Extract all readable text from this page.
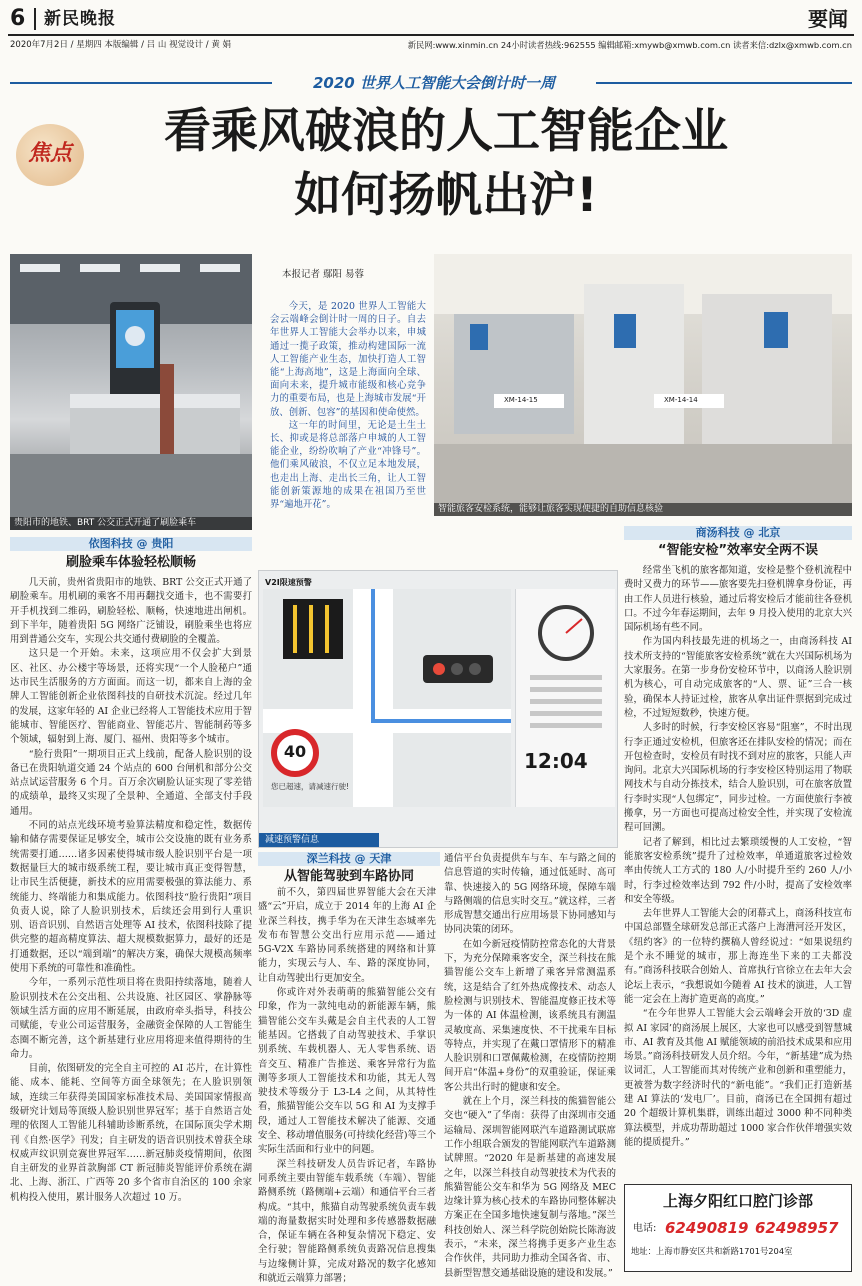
6 新民晚报	要闻
2020年7月2日 / 星期四 本版编辑 / 吕 山 视觉设计 / 黄 娟	新民网:www.xinmin.cn 24小时读者热线:962555 编辑邮箱:xmywb@xmwb.com.cn 读者来信:dzlx@xmwb.com.cn
2020 世界人工智能大会倒计时一周
焦点	看乘风破浪的人工智能企业
如何扬帆出沪!
贵阳市的地铁、BRT 公交正式开通了刷脸乘车
本报记者 鄢阳 易蓉

今天，是 2020 世界人工智能大会云端峰会倒计时一周的日子。自去年世界人工智能大会举办以来，申城通过一揽子政策，推动构建国际一流人工智能产业生态，加快打造人工智能“上海高地”，这是上海面向全球、面向未来，提升城市能级和核心竞争力的重要布局，也是上海城市发展“开放、创新、包容”的基因和使命使然。

这一年的时间里，无论是土生土长、抑或是将总部落户申城的人工智能企业，纷纷吹响了产业“冲锋号”。他们乘风破浪，不仅立足本地发展，也走出上海、走出长三角，让人工智能创新策源地的成果在祖国乃至世界“遍地开花”。

XM-14-15	XM-14-14
智能旅客安检系统，能够让旅客实现便捷的自助信息核验
依图科技 @ 贵阳
刷脸乘车体验轻松顺畅

几天前，贵州省贵阳市的地铁、BRT 公交正式开通了刷脸乘车。用机刷的乘客不用再翻找交通卡，也不需要打开手机找到二维码，刷脸轻松、顺畅，快速地进出闸机。到下半年，随着贵阳 5G 网络广泛铺设，刷脸乘坐也将应用到普通公交车，实现公共交通付费刷脸的全覆盖。

这只是一个开始。未来，这项应用不仅会扩大到景区、社区、办公楼宇等场景，还将实现“一个人脸秘户”通达市民生活服务的方方面面。而这一切，都来自上海的金牌人工智能创新企业依图科技的自研技术沉淀。经过几年的发展，这家年轻的 AI 企业已经将人工智能技术应用于智能城市、智能医疗、智能商业、智能芯片、智能制药等多个领域，辐射到上海、厦门、福州、贵阳等多个城市。

“脸行贵阳”一期项目正式上线前，配备人脸识别的设备已在贵阳轨道交通 24 个站点的 600 台闸机和部分公交站点试运营服务 6 个月。百万余次刷脸认证实现了零差错的成绩单，最终又实现了全景种、全通道、全部支付手段通用。

不同的站点光线环境考验算法精度和稳定性，数据传输和储存需要保证足够安全，城市公交设施的既有业务系统需要打通……诸多因素使得城市级人脸识别平台是一项数据量巨大的城市级系统工程，要让城市真正变得智慧，让市民生活便捷，新技术的应用需要极强的算法能力、系统能力、终端能力和集成能力。依图科技“脸行贵阳”项目负责人说，除了人脸识别技术，后续还会用到行人重识别、语音识别、自然语言处理等 AI 技术，依图科技除了提供完整的超高精度算法、超大规模数据算力，最好的还是打通数据，还以“端到端”的解决方案，确保大规模高频率使用下系统的可靠性和准确性。

今年，一系列示范性项目将在贵阳持续落地，随着人脸识别技术在公交出租、公共设施、社区园区、掌静脉等领域生活方面的应用不断延展，由政府牵头指导，科技公司赋能，专业公司运营服务，金融资金保障的人工智能生态圈不断完善，这个新基建行业应用将迎来值得期待的生命力。

目前，依图研发的完全自主可控的 AI 芯片，在计算性能、成本、能耗、空间等方面全球领先；在人脸识别领域，连续三年获得美国国家标准技术局、美国国家情报高级研究计划局等顶级人脸识别世界冠军；基于自然语言处理的依图人工智能儿科辅助诊断系统，在国际顶尖学术期刊《自然·医学》刊发；自主研发的语音识别技术曾获全球权威声纹识别竞赛世界冠军……新冠肺炎疫情期间，依图自主研发的业界首款胸部 CT 新冠肺炎智能评价系统在湖北、上海、浙江、广西等 20 多个省市自治区的 100 余家机构投入使用，累计服务人次超过 10 万。

V2I限速预警
40
您已超速，请减速行驶!
12:04
减速预警信息
深兰科技 @ 天津
从智能驾驶到车路协同

前不久，第四届世界智能大会在天津盛“云”开启，成立于 2014 年的上海 AI 企业深兰科技，携手华为在天津生态城率先发布布智慧公交出行应用示范——通过 5G-V2X 车路协同系统搭建的网络和计算能力，实现云与人、车、路的深度协同，让自动驾驶出行更加安全。

你或许对外表萌萌的熊猫智能公交有印象，作为一款纯电动的新能源车辆，熊猫智能公交车头戴是会自主代表的人工智能基因。它搭载了自动驾驶技术、手掌识别系统、车载机器人、无人零售系统、语音交互、精准广告推送、乘客异常行为监测等多项人工智能技术和功能，其无人驾驶技术等级分于 L3-L4 之间，从其特性看，熊猫智能公交车以 5G 和 AI 为支撑手段，通过人工智能技术解决了能源、交通安全、移动增值服务(可持续化经营)等三个实际生活面和行业中的问题。

深兰科技研发人员告诉记者，车路协同系统主要由智能车载系统（车端）、智能路侧系统（路侧端+云端）和通信平台三者构成。“其中，熊猫自动驾驶系统负责车载端的海量数据实时处理和多传感器数据融合，保证车辆在各种复杂情况下稳定、安全行驶；智能路侧系统负责路况信息搜集与边缘侧计算，完成对路况的数字化感知和就近云端算力部署；

通信平台负责提供车与车、车与路之间的信息管道的实时传输，通过低延时、高可靠、快速接入的 5G 网络环境，保障车端与路侧端的信息实时交互。”就这样，三者形成智慧交通出行应用场景下协同感知与协同决策的闭环。

在如今新冠疫情防控常态化的大背景下，为充分保障乘客安全，深兰科技在熊猫智能公交车上新增了乘客异常测温系统，这是结合了红外热成像技术、动态人脸检测与识别技术、智能温度修正技术等为一体的 AI 体温检测，该系统具有测温灵敏度高、采集速度快、不干扰乘车目标等特点，并实现了在戴口罩情形下的精准人脸识别和口罩佩戴检测，在疫情防控期间开启“体温+身份”的双重验证，保证乘客公共出行时的健康和安全。

就在上个月，深兰科技的熊猫智能公交也“硬入”了华南：获得了由深圳市交通运输局、深圳智能网联汽车道路测试联席工作小组联合颁发的智能网联汽车道路测试牌照。“2020 年是新基建的高速发展之年，以深兰科技自动驾驶技术为代表的熊猫智能公交车和华为 5G 网络及 MEC 边缘计算为核心技术的车路协同整体解决方案正在全国多地快速复制与落地。”深兰科技创始人、深兰科学院创始院长陈海波表示，“未来，深兰将携手更多产业生态合作伙伴，共同助力推动全国各省、市、县新型智慧交通基础设施的建设和发展。”

商汤科技 @ 北京
“智能安检”效率安全两不误

经常坐飞机的旅客都知道，安检是整个登机流程中费时又费力的环节——旅客要先扫登机牌拿身份证，再由工作人员进行核验，通过后将安检后才能前往各登机口。不过今年春运期间，去年 9 月投入使用的北京大兴国际机场有些不同。

作为国内科技最先进的机场之一，由商汤科技 AI 技术所支持的“智能旅客安检系统”就在大兴国际机场为大家服务。在第一步身份安检环节中，以商汤人脸识别机为核心，可自动完成旅客的“人、票、证”三合一核验，确保本人持证过检，旅客从拿出证件票据到完成过检，不过短短数秒，快速方便。

人多时的时候，行李安检区容易“阻塞”，不时出现行李正通过安检机，但旅客还在排队安检的情况；而在开包检查时，安检员有时找不到对应的旅客，只能人声询问。北京大兴国际机场的行李安检区特别运用了物联网技术与自动分拣技术，结合人脸识别，可在旅客放置行李时实现“人包绑定”，同步过检。一方面使旅行李被搬拿，另一方面也可提高过检安全性，并实现了安检流程可回溯。

记者了解到，相比过去繁琐缓慢的人工安检，“智能旅客安检系统”提升了过检效率，单通道旅客过检效率由传统人工方式的 180 人/小时提升至约 260 人/小时，行李过检效率达到 792 件/小时，提高了安检效率和安全等级。

去年世界人工智能大会的闭幕式上，商汤科技宣布中国总部暨全球研发总部正式落户上海漕河泾开发区，《纽约客》的一位特约撰稿人曾经说过：“如果说纽约是个永不睡觉的城市，那上海连坐下来的工夫都没有。”商汤科技联合创始人、首席执行官徐立在去年大会论坛上表示，“我想说如今随着 AI 技术的演进，人工智能一定会在上海扩造更高的高度。”

“在今年世界人工智能大会云端峰会开放的‘3D 虚拟 AI 家园’的商汤展上展区，大家也可以感受到智慧城市、AI 教育及其他 AI 赋能领域的前沿技术成果和应用场景。”商汤科技研发人员介绍。今年，“新基建”成为热议词汇，人工智能而其对传统产业和创新和重塑能力，更被誉为数字经济时代的“新电能”。“我们正打造新基建 AI 算法的‘发电厂’。目前，商汤已在全国拥有超过 20 个超级计算机集群，训练出超过 3000 种不同种类算法模型，并成功帮助超过 1000 家合作伙伴增强实效能的提质提升。”

上海夕阳红口腔门诊部
电话: 62490819 62498957
地址：上海市静安区共和新路1701号204室
